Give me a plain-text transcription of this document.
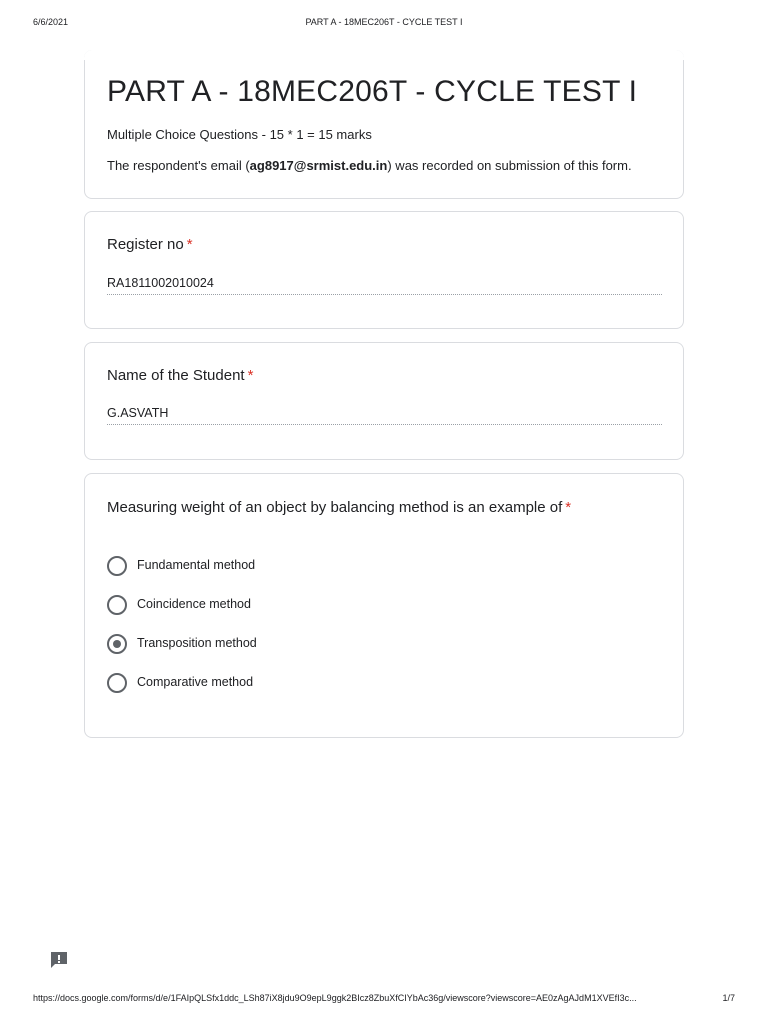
6/6/2021	PART A - 18MEC206T - CYCLE TEST I
PART A - 18MEC206T - CYCLE TEST I
Multiple Choice Questions - 15 * 1 = 15 marks
The respondent's email (ag8917@srmist.edu.in) was recorded on submission of this form.
Register no *
RA1811002010024
Name of the Student *
G.ASVATH
Measuring weight of an object by balancing method is an example of *
Fundamental method
Coincidence method
Transposition method
Comparative method
https://docs.google.com/forms/d/e/1FAIpQLSfx1ddc_LSh87iX8jdu9O9epL9ggk2BIcz8ZbuXfCIYbAc36g/viewscore?viewscore=AE0zAgAJdM1XVEfI3c...	1/7
